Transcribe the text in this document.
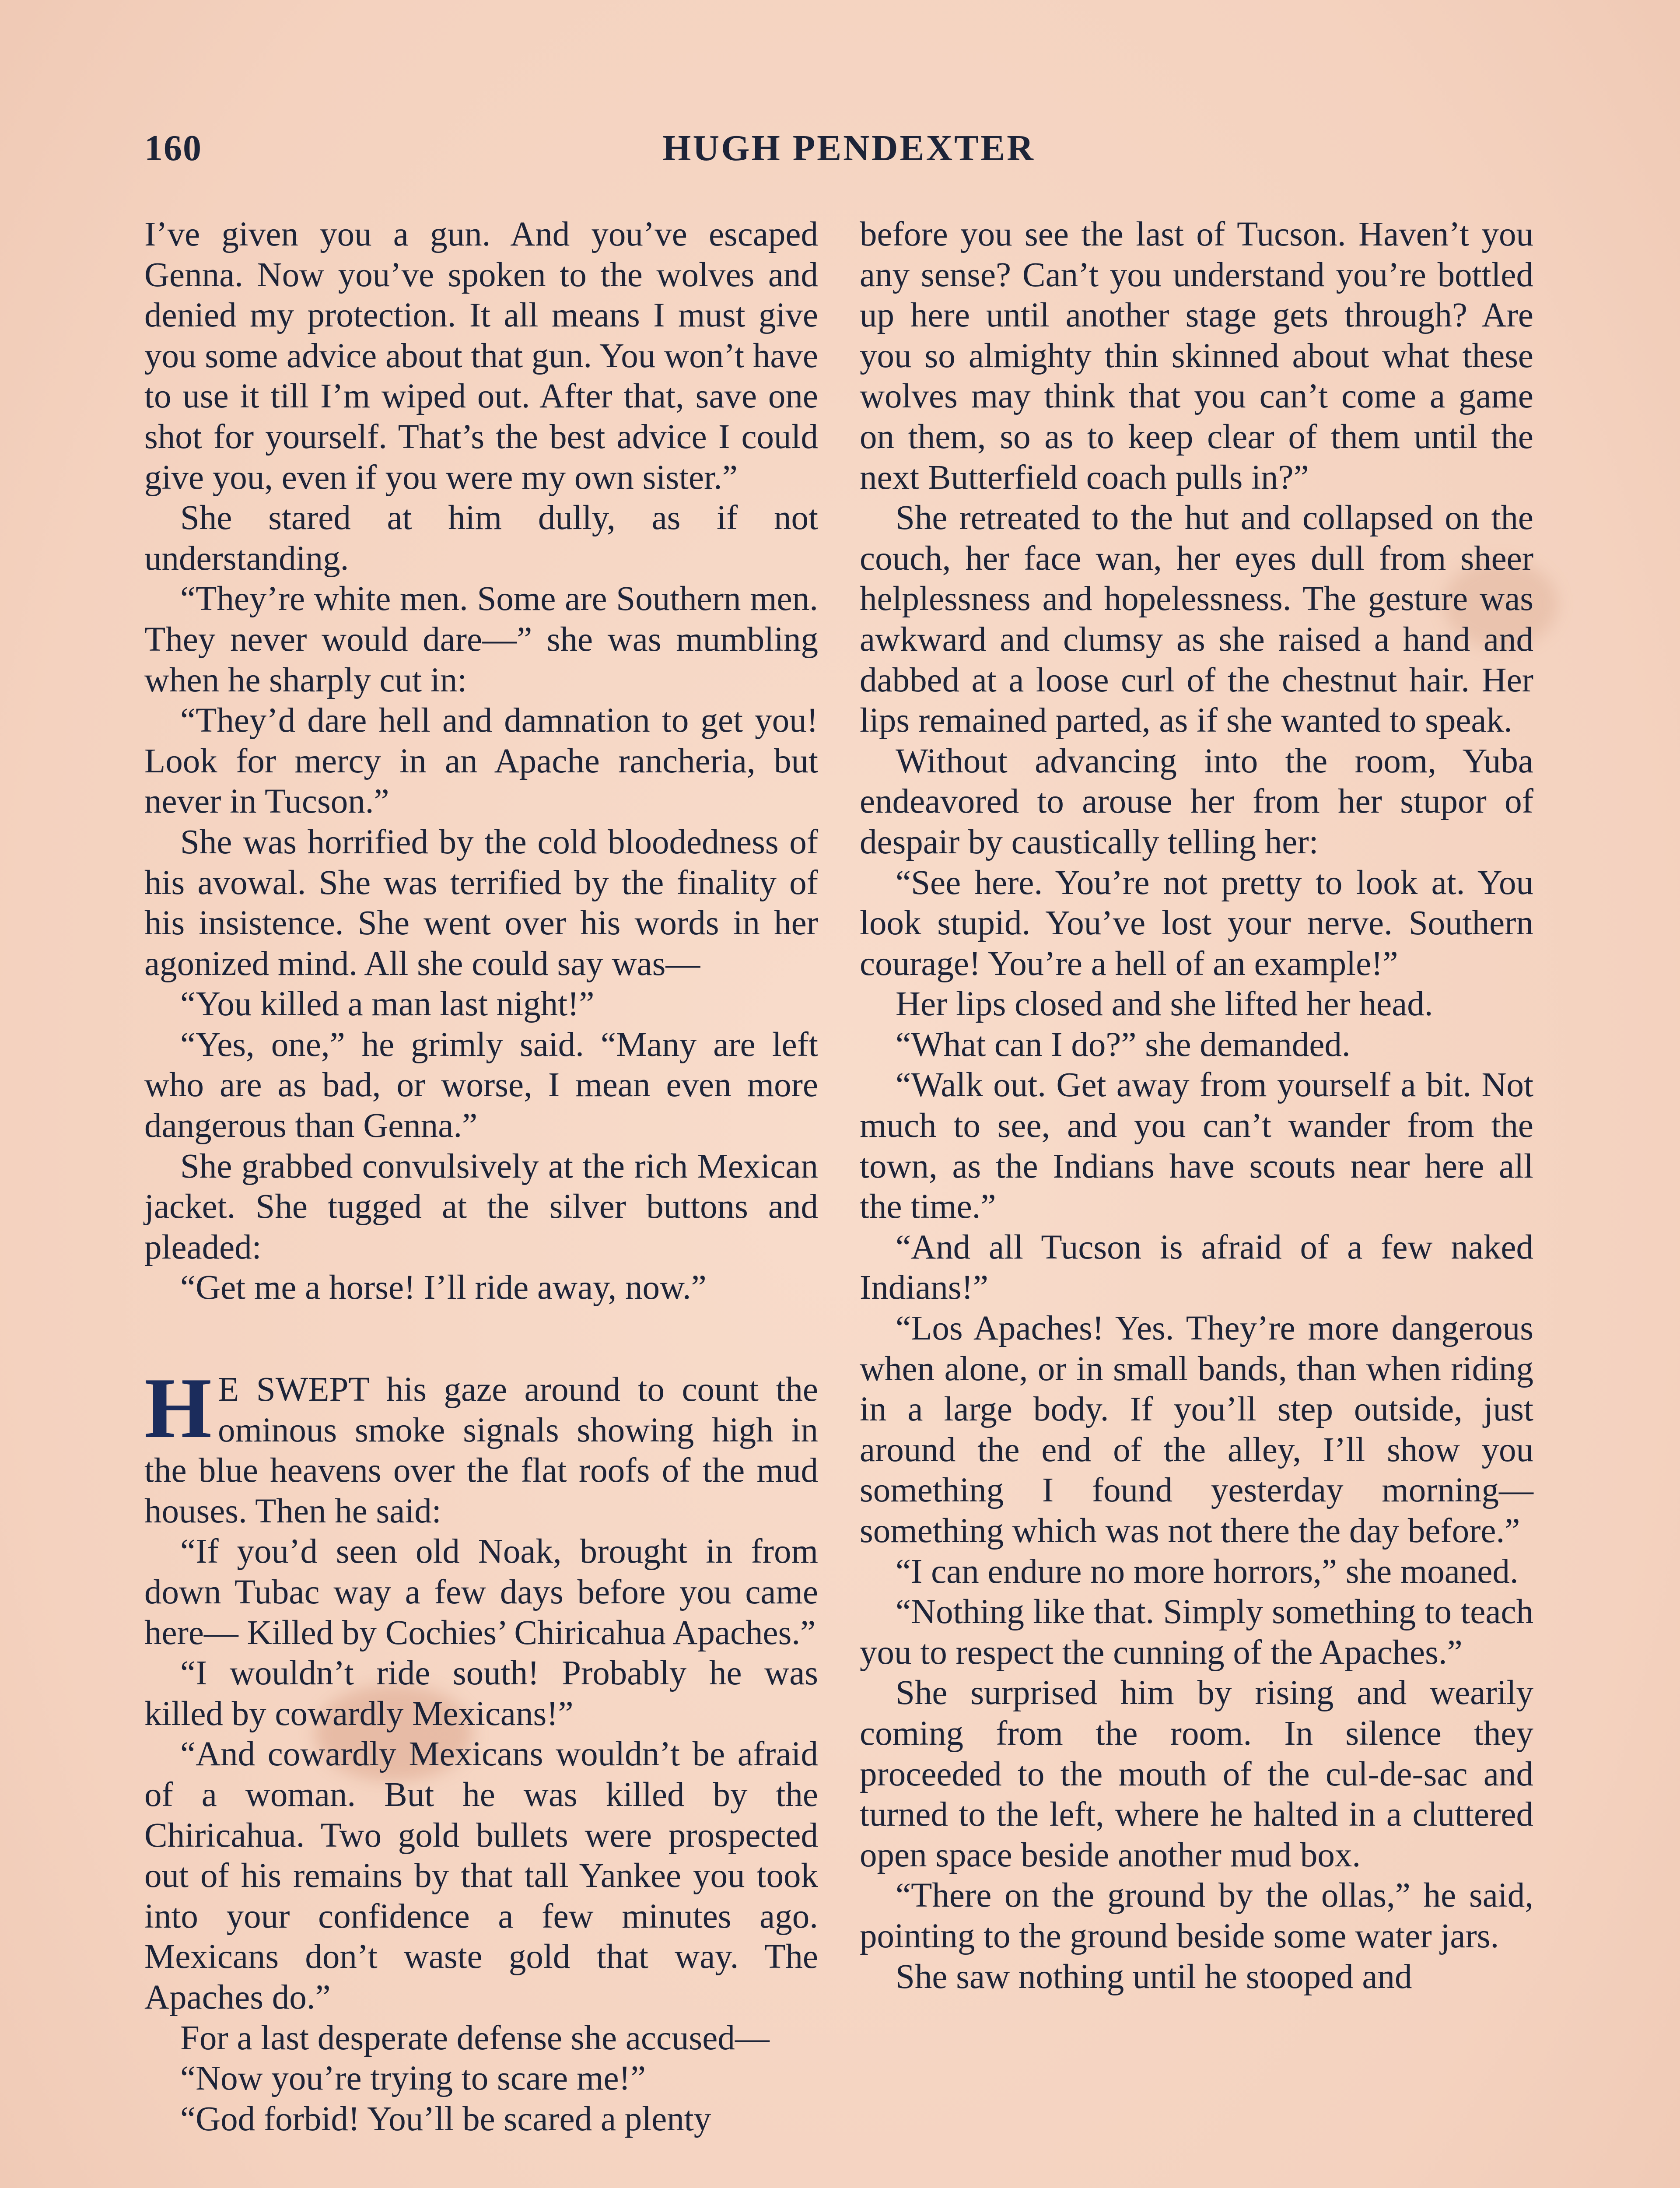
160	HUGH PENDEXTER

I’ve given you a gun. And you’ve escaped Genna. Now you’ve spoken to the wolves and denied my protection. It all means I must give you some advice about that gun. You won’t have to use it till I’m wiped out. After that, save one shot for yourself. That’s the best advice I could give you, even if you were my own sister.”

She stared at him dully, as if not understanding.

“They’re white men. Some are Southern men. They never would dare—” she was mumbling when he sharply cut in:

“They’d dare hell and damnation to get you! Look for mercy in an Apache rancheria, but never in Tucson.”

She was horrified by the cold bloodedness of his avowal. She was terrified by the finality of his insistence. She went over his words in her agonized mind. All she could say was—

“You killed a man last night!”

“Yes, one,” he grimly said. “Many are left who are as bad, or worse, I mean even more dangerous than Genna.”

She grabbed convulsively at the rich Mexican jacket. She tugged at the silver buttons and pleaded:

“Get me a horse! I’ll ride away, now.”

H E SWEPT his gaze around to count the ominous smoke signals showing high in the blue heavens over the flat roofs of the mud houses. Then he said:

“If you’d seen old Noak, brought in from down Tubac way a few days before you came here— Killed by Cochies’ Chiricahua Apaches.”

“I wouldn’t ride south! Probably he was killed by cowardly Mexicans!”

“And cowardly Mexicans wouldn’t be afraid of a woman. But he was killed by the Chiricahua. Two gold bullets were prospected out of his remains by that tall Yankee you took into your confidence a few minutes ago. Mexicans don’t waste gold that way. The Apaches do.”

For a last desperate defense she accused—

“Now you’re trying to scare me!”

“God forbid! You’ll be scared a plenty

before you see the last of Tucson. Haven’t you any sense? Can’t you understand you’re bottled up here until another stage gets through? Are you so almighty thin skinned about what these wolves may think that you can’t come a game on them, so as to keep clear of them until the next Butterfield coach pulls in?”

She retreated to the hut and collapsed on the couch, her face wan, her eyes dull from sheer helplessness and hopelessness. The gesture was awkward and clumsy as she raised a hand and dabbed at a loose curl of the chestnut hair. Her lips remained parted, as if she wanted to speak.

Without advancing into the room, Yuba endeavored to arouse her from her stupor of despair by caustically telling her:

“See here. You’re not pretty to look at. You look stupid. You’ve lost your nerve. Southern courage! You’re a hell of an example!”

Her lips closed and she lifted her head.

“What can I do?” she demanded.

“Walk out. Get away from yourself a bit. Not much to see, and you can’t wander from the town, as the Indians have scouts near here all the time.”

“And all Tucson is afraid of a few naked Indians!”

“Los Apaches! Yes. They’re more dangerous when alone, or in small bands, than when riding in a large body. If you’ll step outside, just around the end of the alley, I’ll show you something I found yesterday morning—something which was not there the day before.”

“I can endure no more horrors,” she moaned.

“Nothing like that. Simply something to teach you to respect the cunning of the Apaches.”

She surprised him by rising and wearily coming from the room. In silence they proceeded to the mouth of the cul-de-sac and turned to the left, where he halted in a cluttered open space beside another mud box.

“There on the ground by the ollas,” he said, pointing to the ground beside some water jars.

She saw nothing until he stooped and
